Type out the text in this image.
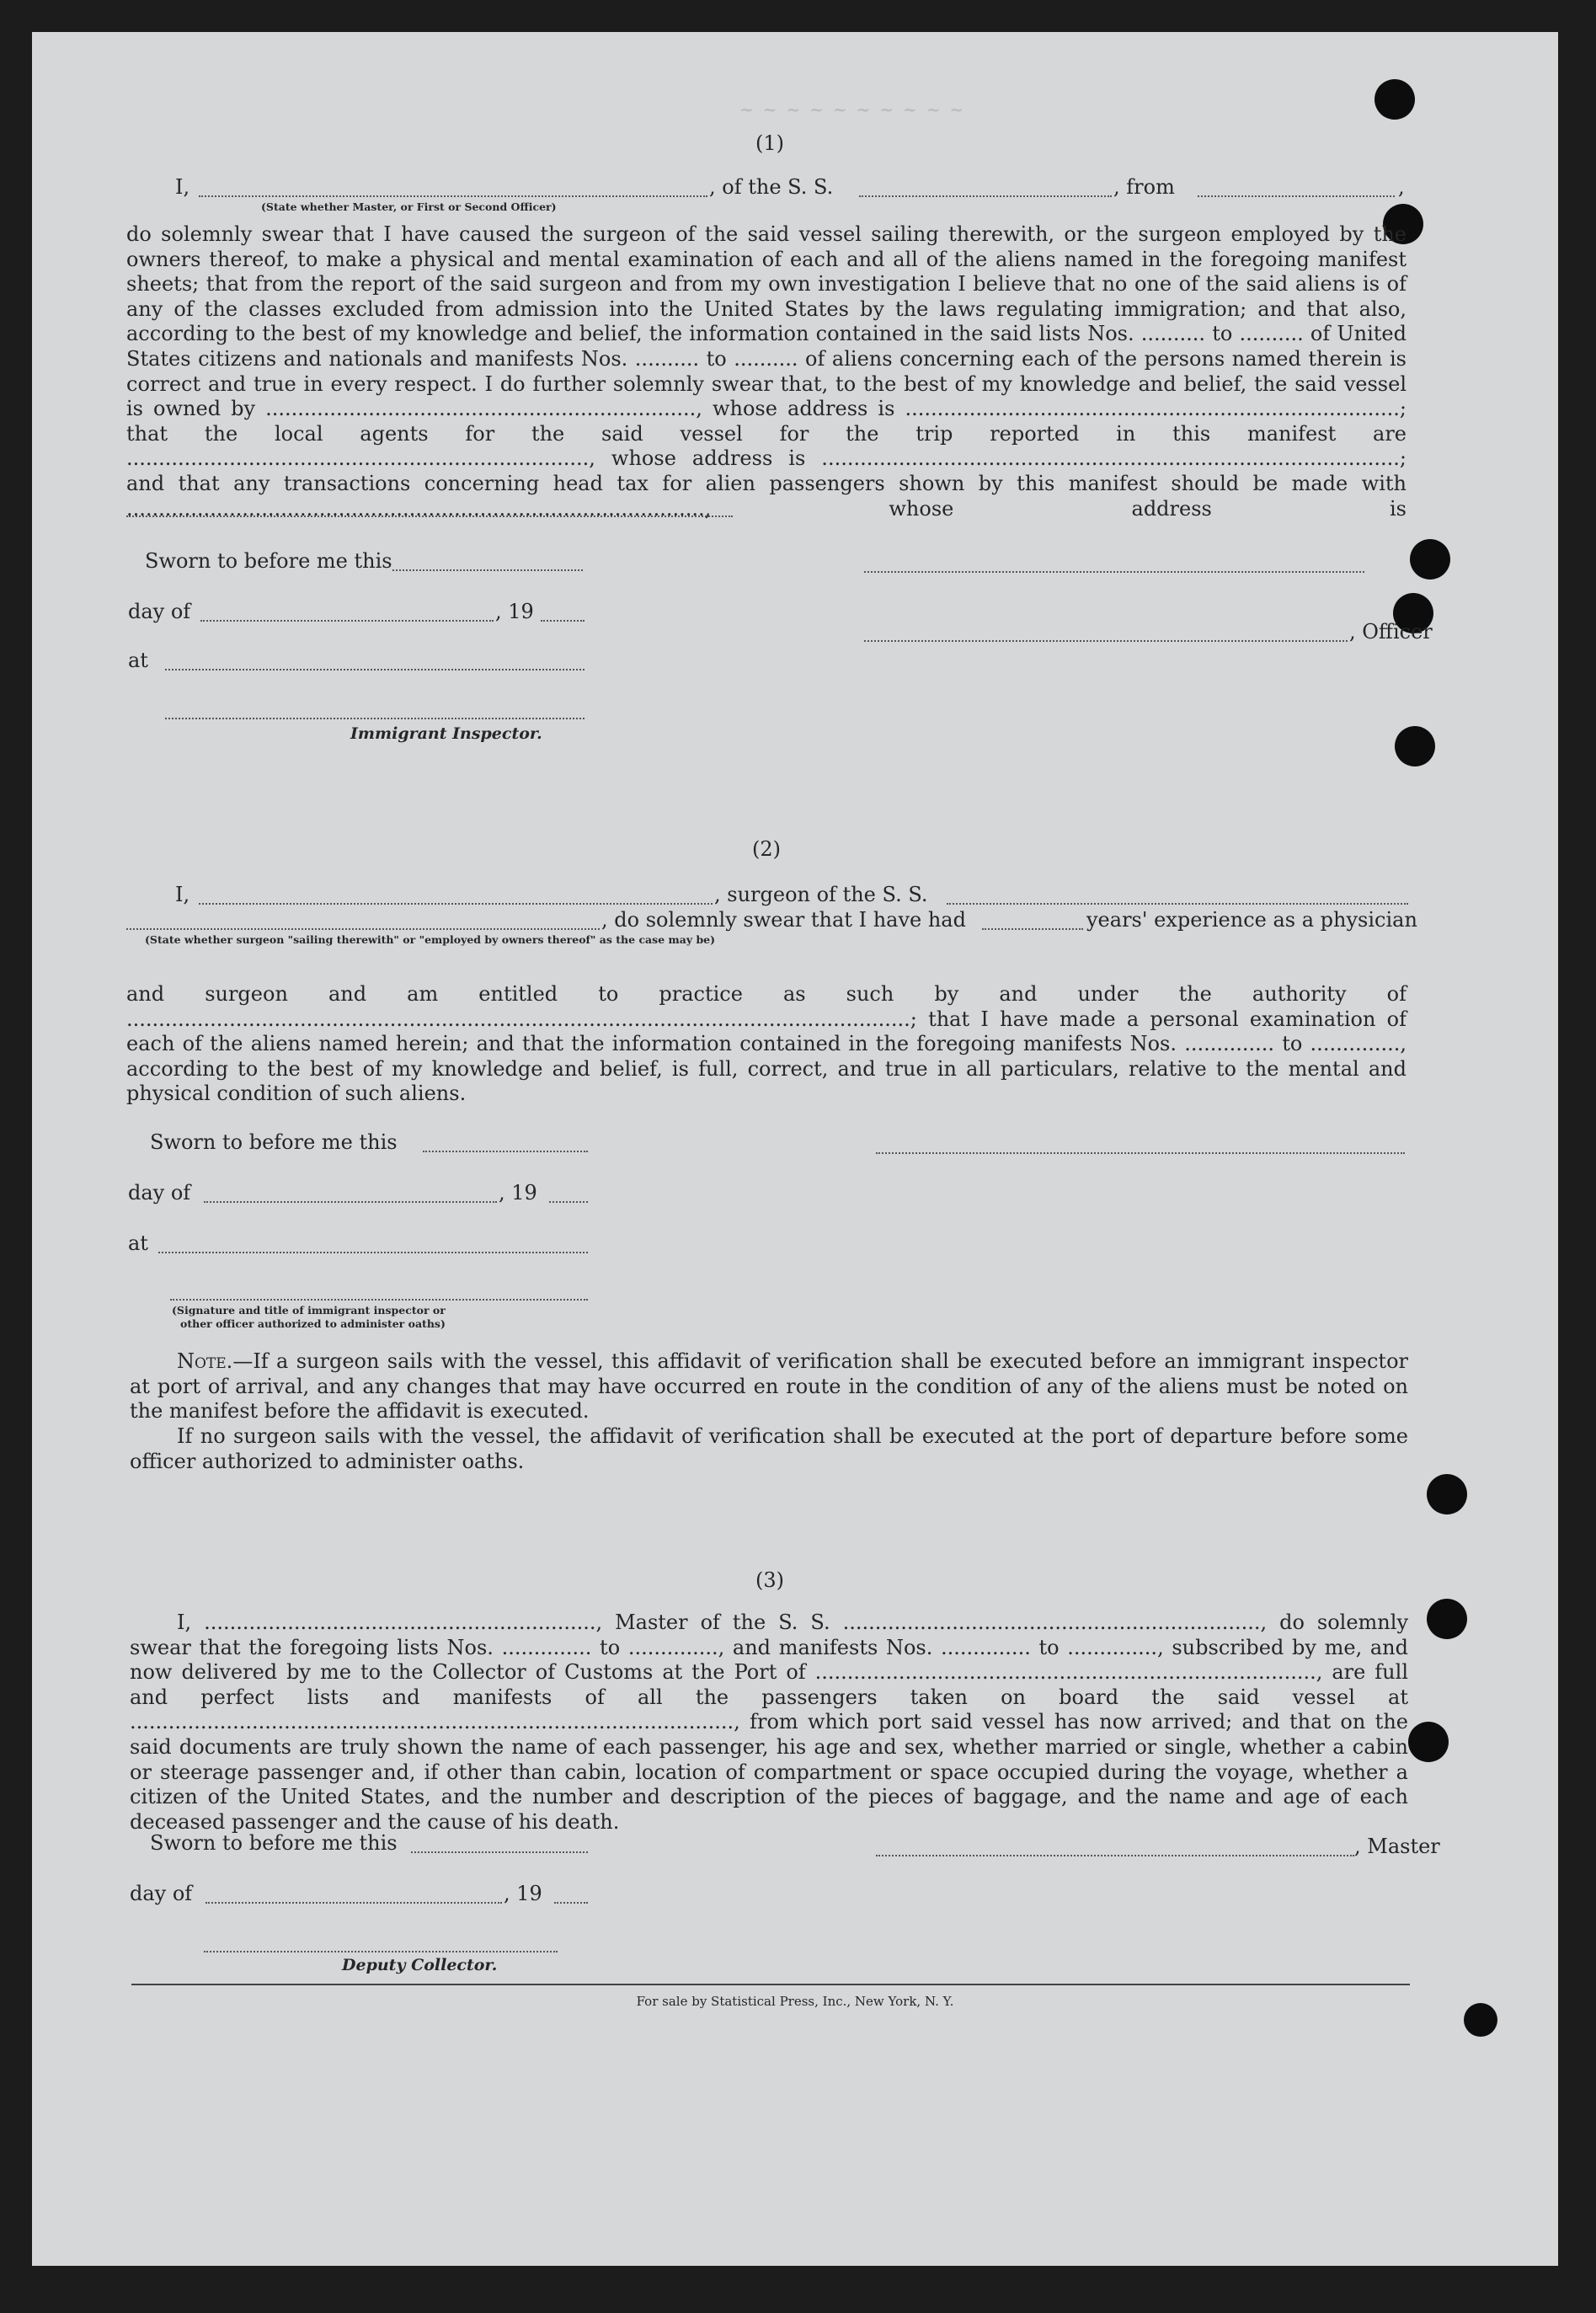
~ ~ ~ ~ ~ ~ ~ ~ ~ ~
(1)
I,	, of the S. S.	, from	,
(State whether Master, or First or Second Officer)
do solemnly swear that I have caused the surgeon of the said vessel sailing therewith, or the surgeon employed by the owners thereof, to make a physical and mental examination of each and all of the aliens named in the foregoing manifest sheets; that from the report of the said surgeon and from my own investigation I believe that no one of the said aliens is of any of the classes excluded from admission into the United States by the laws regulating immigration; and that also, according to the best of my knowledge and belief, the information contained in the said lists Nos. .......... to .......... of United States citizens and nationals and manifests Nos. .......... to .......... of aliens concerning each of the persons named therein is correct and true in every respect. I do further solemnly swear that, to the best of my knowledge and belief, the said vessel is owned by ..................................................................., whose address is .............................................................................; that the local agents for the said vessel for the trip reported in this manifest are ........................................................................, whose address is ..........................................................................................; and that any transactions concerning head tax for alien passengers shown by this manifest should be made with .........................................................................................., whose address is
Sworn to before me this
day of	, 19
, Officer
at
Immigrant Inspector.
(2)
I,	, surgeon of the S. S.
, do solemnly swear that I have had	years' experience as a physician
(State whether surgeon "sailing therewith" or "employed by owners thereof" as the case may be)
and surgeon and am entitled to practice as such by and under the authority of ..........................................................................................................................; that I have made a personal examination of each of the aliens named herein; and that the information contained in the foregoing manifests Nos. .............. to .............., according to the best of my knowledge and belief, is full, correct, and true in all particulars, relative to the mental and physical condition of such aliens.
Sworn to before me this
day of	, 19
at
(Signature and title of immigrant inspector or
other officer authorized to administer oaths)
Note.—If a surgeon sails with the vessel, this affidavit of verification shall be executed before an immigrant inspector at port of arrival, and any changes that may have occurred en route in the condition of any of the aliens must be noted on the manifest before the affidavit is executed.
If no surgeon sails with the vessel, the affidavit of verification shall be executed at the port of departure before some officer authorized to administer oaths.
(3)
I, ............................................................., Master of the S. S. ................................................................., do solemnly swear that the foregoing lists Nos. .............. to .............., and manifests Nos. .............. to .............., subscribed by me, and now delivered by me to the Collector of Customs at the Port of .............................................................................., are full and perfect lists and manifests of all the passengers taken on board the said vessel at .............................................................................................., from which port said vessel has now arrived; and that on the said documents are truly shown the name of each passenger, his age and sex, whether married or single, whether a cabin or steerage passenger and, if other than cabin, location of compartment or space occupied during the voyage, whether a citizen of the United States, and the number and description of the pieces of baggage, and the name and age of each deceased passenger and the cause of his death.
Sworn to before me this	, Master
day of	, 19
Deputy Collector.
For sale by Statistical Press, Inc., New York, N. Y.
